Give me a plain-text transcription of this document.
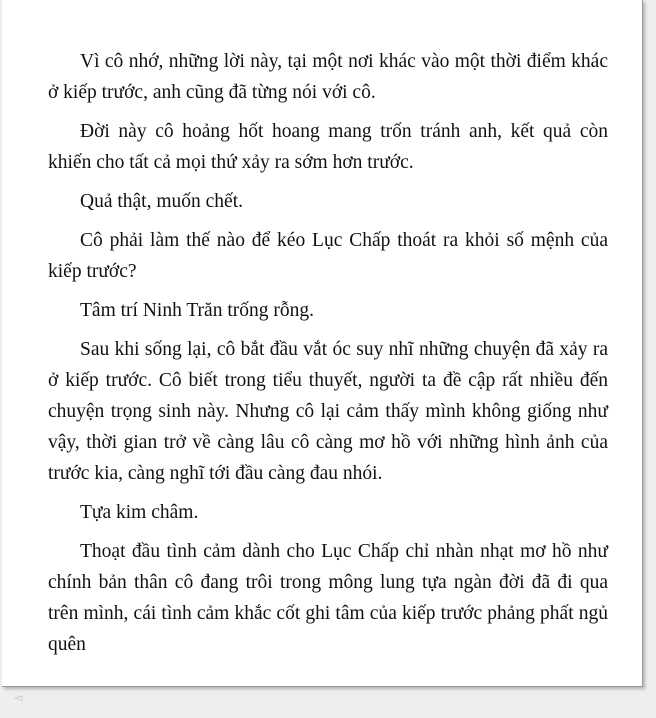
Vì cô nhớ, những lời này, tại một nơi khác vào một thời điểm khác ở kiếp trước, anh cũng đã từng nói với cô.

Đời này cô hoảng hốt hoang mang trốn tránh anh, kết quả còn khiến cho tất cả mọi thứ xảy ra sớm hơn trước.

Quả thật, muốn chết.

Cô phải làm thế nào để kéo Lục Chấp thoát ra khỏi số mệnh của kiếp trước?

Tâm trí Ninh Trăn trống rỗng.

Sau khi sống lại, cô bắt đầu vắt óc suy nhĩ những chuyện đã xảy ra ở kiếp trước. Cô biết trong tiểu thuyết, người ta đề cập rất nhiều đến chuyện trọng sinh này. Nhưng cô lại cảm thấy mình không giống như vậy, thời gian trở về càng lâu cô càng mơ hồ với những hình ảnh của trước kia, càng nghĩ tới đầu càng đau nhói.

Tựa kim châm.

Thoạt đầu tình cảm dành cho Lục Chấp chỉ nhàn nhạt mơ hồ như chính bản thân cô đang trôi trong mông lung tựa ngàn đời đã đi qua trên mình, cái tình cảm khắc cốt ghi tâm của kiếp trước phảng phất ngủ quên

◅
